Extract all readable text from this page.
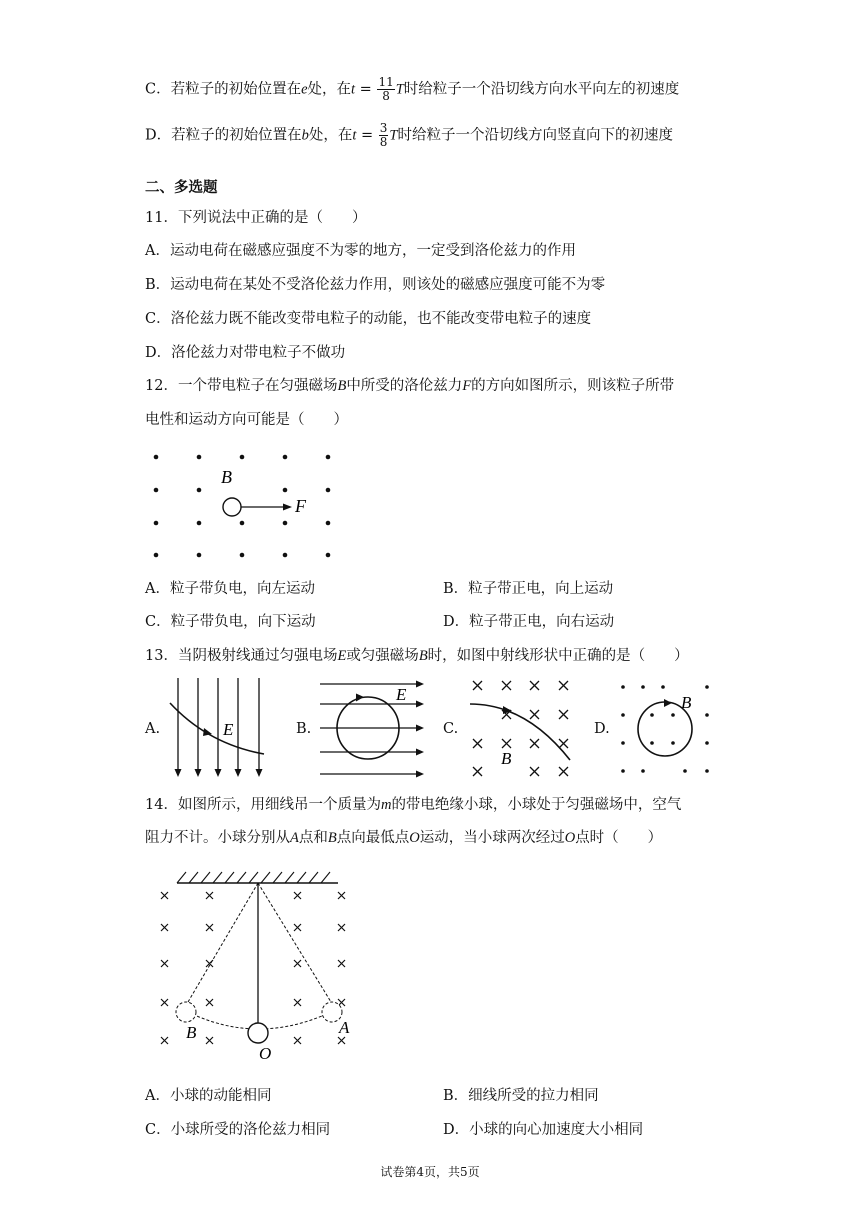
C．若粒子的初始位置在e处，在$t = \frac{11}{8}$ T时给粒子一个沿切线方向水平向左的初速度
D．若粒子的初始位置在b处，在$t = \frac{3}{8}$ T时给粒子一个沿切线方向竖直向下的初速度
二、多选题
11．下列说法中正确的是（　　）
A．运动电荷在磁感应强度不为零的地方，一定受到洛伦兹力的作用
B．运动电荷在某处不受洛伦兹力作用，则该处的磁感应强度可能不为零
C．洛伦兹力既不能改变带电粒子的动能，也不能改变带电粒子的速度
D．洛伦兹力对带电粒子不做功
12．一个带电粒子在匀强磁场B中所受的洛伦兹力F的方向如图所示，则该粒子所带
电性和运动方向可能是（　　）
B
F
A．粒子带负电，向左运动	B．粒子带正电，向上运动
C．粒子带负电，向下运动	D．粒子带正电，向右运动
13．当阴极射线通过匀强电场E或匀强磁场B时，如图中射线形状中正确的是（　　）
A.	E	B.
E
C.
B
D.
B
14．如图所示，用细线吊一个质量为m的带电绝缘小球，小球处于匀强磁场中，空气
阻力不计。小球分别从A点和B点向最低点O运动，当小球两次经过O点时（　　）
B	A
O
A．小球的动能相同	B．细线所受的拉力相同
C．小球所受的洛伦兹力相同	D．小球的向心加速度大小相同
试卷第4页，共5页
